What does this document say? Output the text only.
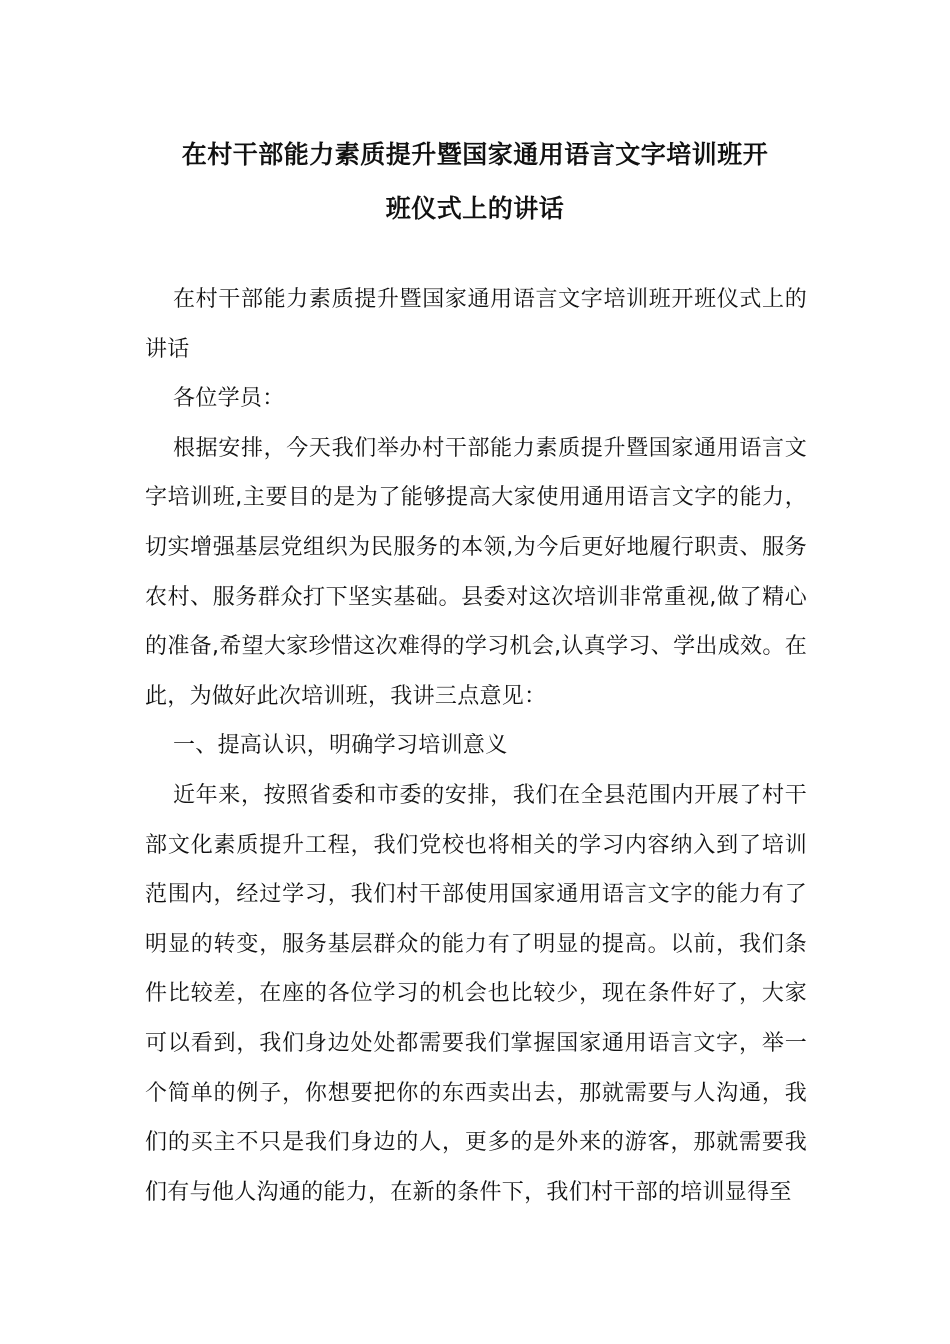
在村干部能力素质提升暨国家通用语言文字培训班开
班仪式上的讲话

在村干部能力素质提升暨国家通用语言文字培训班开班仪式上的讲话

各位学员：

根据安排，今天我们举办村干部能力素质提升暨国家通用语言文字培训班,主要目的是为了能够提高大家使用通用语言文字的能力，切实增强基层党组织为民服务的本领,为今后更好地履行职责、服务农村、服务群众打下坚实基础。县委对这次培训非常重视,做了精心的准备,希望大家珍惜这次难得的学习机会,认真学习、学出成效。在此，为做好此次培训班，我讲三点意见：

一、提高认识，明确学习培训意义

近年来，按照省委和市委的安排，我们在全县范围内开展了村干部文化素质提升工程，我们党校也将相关的学习内容纳入到了培训范围内，经过学习，我们村干部使用国家通用语言文字的能力有了明显的转变，服务基层群众的能力有了明显的提高。以前，我们条件比较差，在座的各位学习的机会也比较少，现在条件好了，大家可以看到，我们身边处处都需要我们掌握国家通用语言文字，举一个简单的例子，你想要把你的东西卖出去，那就需要与人沟通，我们的买主不只是我们身边的人，更多的是外来的游客，那就需要我们有与他人沟通的能力，在新的条件下，我们村干部的培训显得至
